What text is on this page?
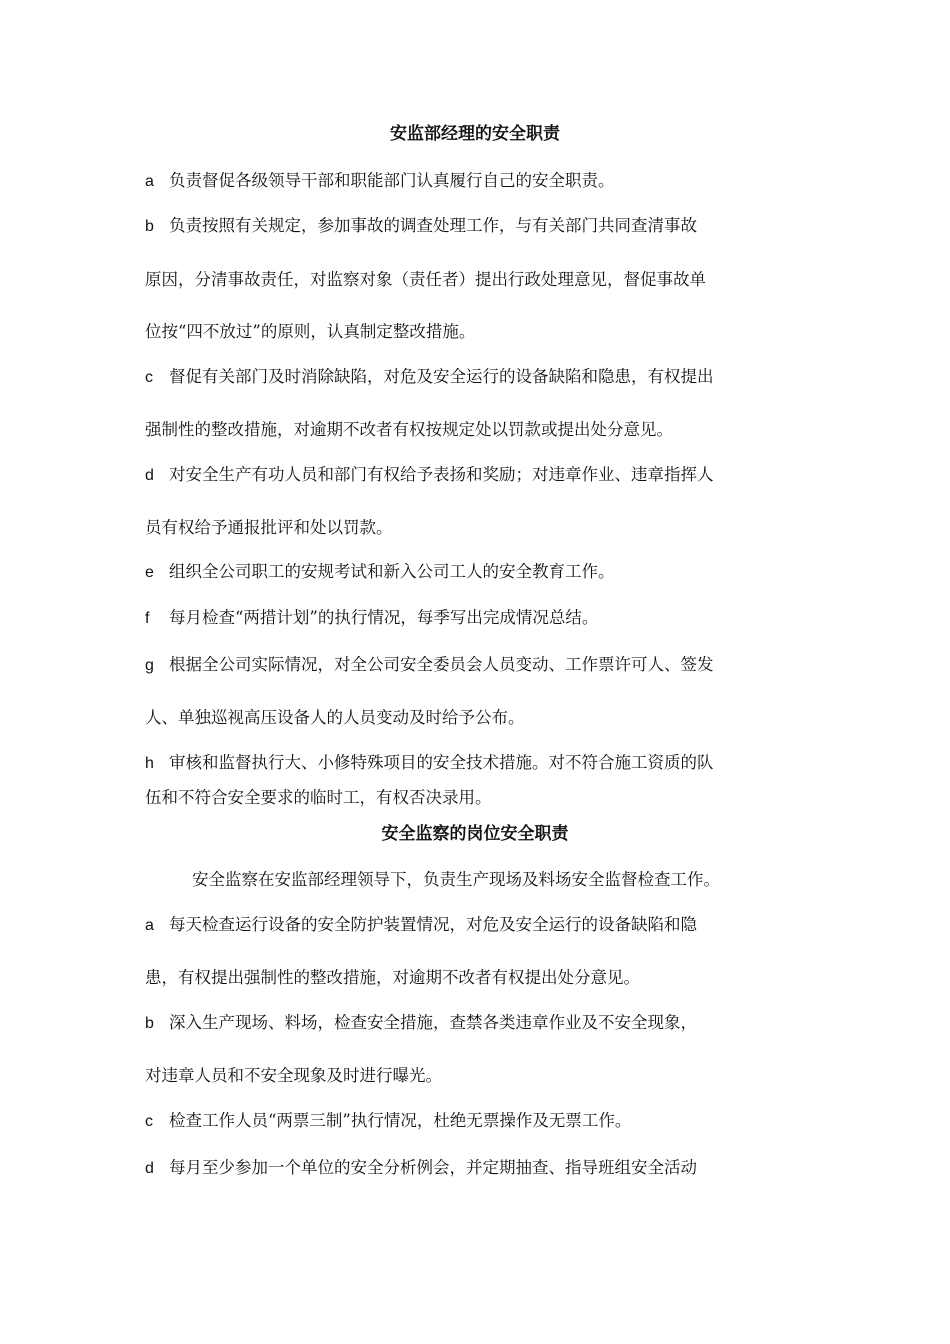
安监部经理的安全职责
a 负责督促各级领导干部和职能部门认真履行自己的安全职责。
b 负责按照有关规定，参加事故的调查处理工作，与有关部门共同查清事故
原因，分清事故责任，对监察对象（责任者）提出行政处理意见，督促事故单
位按“四不放过”的原则，认真制定整改措施。
c 督促有关部门及时消除缺陷，对危及安全运行的设备缺陷和隐患，有权提出
强制性的整改措施，对逾期不改者有权按规定处以罚款或提出处分意见。
d 对安全生产有功人员和部门有权给予表扬和奖励；对违章作业、违章指挥人
员有权给予通报批评和处以罚款。
e 组织全公司职工的安规考试和新入公司工人的安全教育工作。
f 每月检查“两措计划”的执行情况，每季写出完成情况总结。
g 根据全公司实际情况，对全公司安全委员会人员变动、工作票许可人、签发
人、单独巡视高压设备人的人员变动及时给予公布。
h 审核和监督执行大、小修特殊项目的安全技术措施。对不符合施工资质的队
伍和不符合安全要求的临时工，有权否决录用。
安全监察的岗位安全职责
安全监察在安监部经理领导下，负责生产现场及料场安全监督检查工作。
a 每天检查运行设备的安全防护装置情况，对危及安全运行的设备缺陷和隐
患，有权提出强制性的整改措施，对逾期不改者有权提出处分意见。
b 深入生产现场、料场，检查安全措施，查禁各类违章作业及不安全现象，
对违章人员和不安全现象及时进行曝光。
c 检查工作人员“两票三制”执行情况，杜绝无票操作及无票工作。
d 每月至少参加一个单位的安全分析例会，并定期抽查、指导班组安全活动
